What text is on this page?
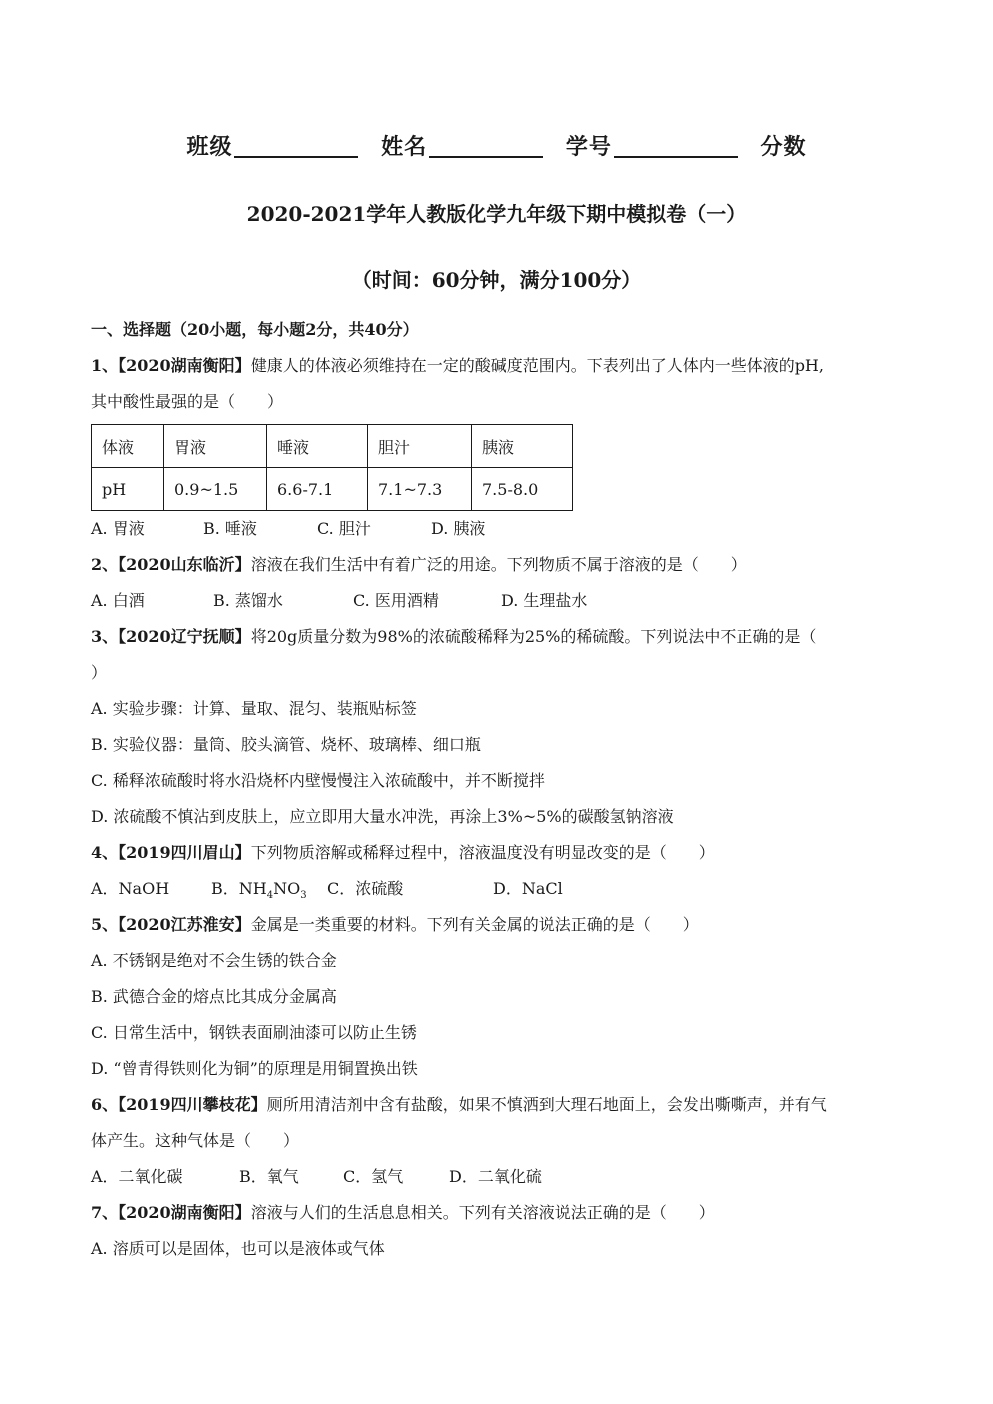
班级	姓名	学号	分数
2020-2021学年人教版化学九年级下期中模拟卷（一）
（时间：60分钟，满分100分）
一、选择题（20小题，每小题2分，共40分）
1、【2020湖南衡阳】健康人的体液必须维持在一定的酸碱度范围内。下表列出了人体内一些体液的pH,
其中酸性最强的是（　　）
体液	胃液	唾液	胆汁	胰液
pH	0.9~1.5	6.6-7.1	7.1~7.3	7.5-8.0
A. 胃液	B. 唾液	C. 胆汁	D. 胰液
2、【2020山东临沂】溶液在我们生活中有着广泛的用途。下列物质不属于溶液的是（　　）
A. 白酒	B. 蒸馏水	C. 医用酒精	D. 生理盐水
3、【2020辽宁抚顺】将20g质量分数为98%的浓硫酸稀释为25%的稀硫酸。下列说法中不正确的是（
）
A. 实验步骤：计算、量取、混匀、装瓶贴标签
B. 实验仪器：量筒、胶头滴管、烧杯、玻璃棒、细口瓶
C. 稀释浓硫酸时将水沿烧杯内壁慢慢注入浓硫酸中，并不断搅拌
D. 浓硫酸不慎沾到皮肤上，应立即用大量水冲洗，再涂上3%~5%的碳酸氢钠溶液
4、【2019四川眉山】下列物质溶解或稀释过程中，溶液温度没有明显改变的是（　　）
A．NaOH	B．$NH_4NO_3$ C．浓硫酸	D．NaCl
5、【2020江苏淮安】金属是一类重要的材料。下列有关金属的说法正确的是（　　）
A. 不锈钢是绝对不会生锈的铁合金
B. 武德合金的熔点比其成分金属高
C. 日常生活中，钢铁表面刷油漆可以防止生锈
D. “曾青得铁则化为铜”的原理是用铜置换出铁
6、【2019四川攀枝花】厕所用清洁剂中含有盐酸，如果不慎洒到大理石地面上，会发出嘶嘶声，并有气
体产生。这种气体是（　　）
A．二氧化碳	B．氧气	C．氢气	D．二氧化硫
7、【2020湖南衡阳】溶液与人们的生活息息相关。下列有关溶液说法正确的是（　　）
A. 溶质可以是固体，也可以是液体或气体
